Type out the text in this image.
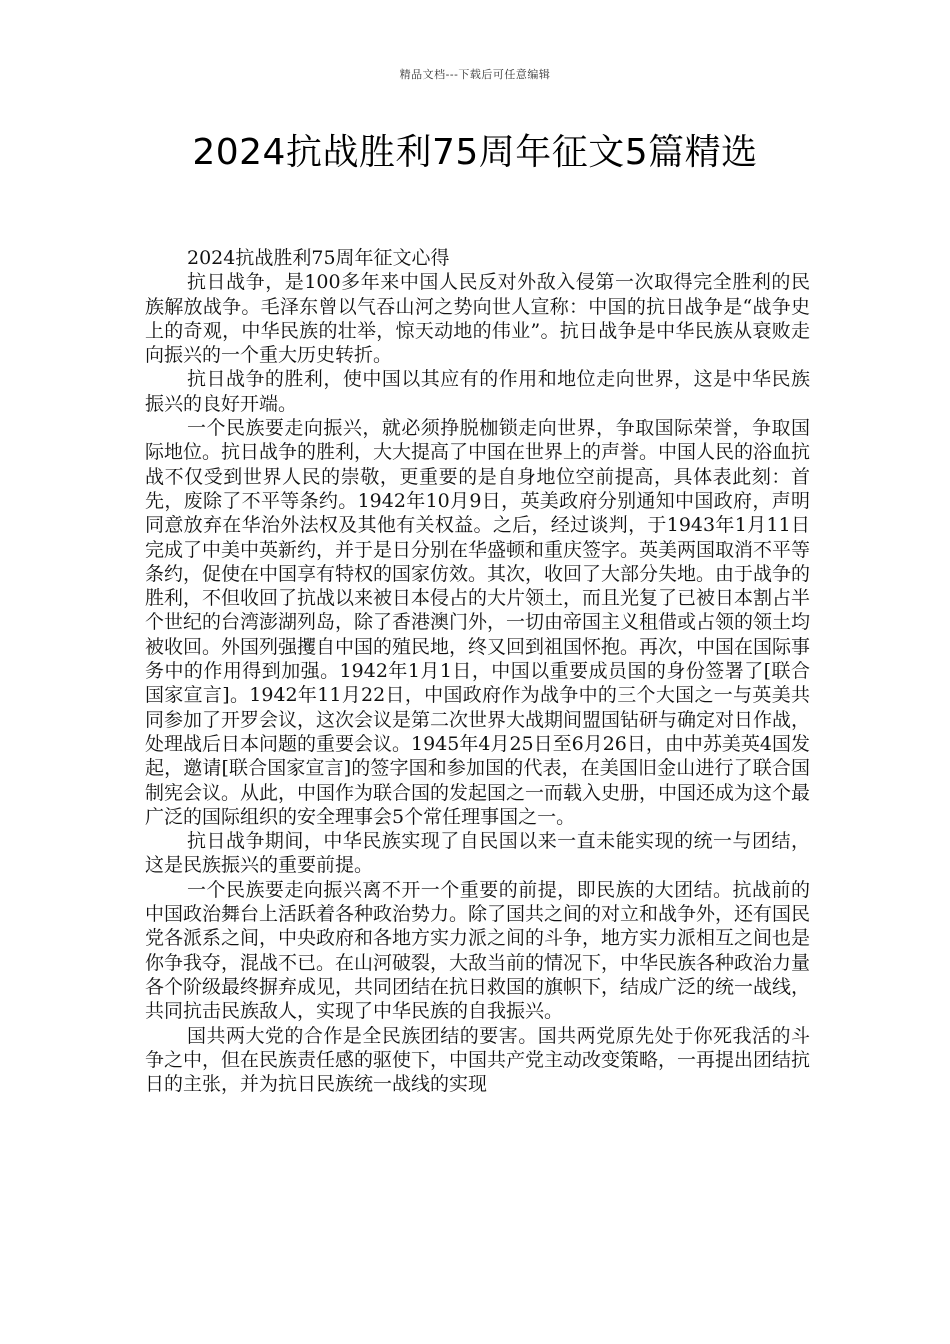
精品文档---下载后可任意编辑
2024抗战胜利75周年征文5篇精选

2024抗战胜利75周年征文心得

抗日战争，是100多年来中国人民反对外敌入侵第一次取得完全胜利的民族解放战争。毛泽东曾以气吞山河之势向世人宣称：中国的抗日战争是“战争史上的奇观，中华民族的壮举，惊天动地的伟业”。抗日战争是中华民族从衰败走向振兴的一个重大历史转折。

抗日战争的胜利，使中国以其应有的作用和地位走向世界，这是中华民族振兴的良好开端。

一个民族要走向振兴，就必须挣脱枷锁走向世界，争取国际荣誉，争取国际地位。抗日战争的胜利，大大提高了中国在世界上的声誉。中国人民的浴血抗战不仅受到世界人民的崇敬，更重要的是自身地位空前提高，具体表此刻：首先，废除了不平等条约。1942年10月9日，英美政府分别通知中国政府，声明同意放弃在华治外法权及其他有关权益。之后，经过谈判，于1943年1月11日完成了中美中英新约，并于是日分别在华盛顿和重庆签字。英美两国取消不平等条约，促使在中国享有特权的国家仿效。其次，收回了大部分失地。由于战争的胜利，不但收回了抗战以来被日本侵占的大片领土，而且光复了已被日本割占半个世纪的台湾澎湖列岛，除了香港澳门外，一切由帝国主义租借或占领的领土均被收回。外国列强攫自中国的殖民地，终又回到祖国怀抱。再次，中国在国际事务中的作用得到加强。1942年1月1日，中国以重要成员国的身份签署了[联合国家宣言]。1942年11月22日，中国政府作为战争中的三个大国之一与英美共同参加了开罗会议，这次会议是第二次世界大战期间盟国钻研与确定对日作战，处理战后日本问题的重要会议。1945年4月25日至6月26日，由中苏美英4国发起，邀请[联合国家宣言]的签字国和参加国的代表，在美国旧金山进行了联合国制宪会议。从此，中国作为联合国的发起国之一而载入史册，中国还成为这个最广泛的国际组织的安全理事会5个常任理事国之一。

抗日战争期间，中华民族实现了自民国以来一直未能实现的统一与团结，这是民族振兴的重要前提。

一个民族要走向振兴离不开一个重要的前提，即民族的大团结。抗战前的中国政治舞台上活跃着各种政治势力。除了国共之间的对立和战争外，还有国民党各派系之间，中央政府和各地方实力派之间的斗争，地方实力派相互之间也是你争我夺，混战不已。在山河破裂，大敌当前的情况下，中华民族各种政治力量各个阶级最终摒弃成见，共同团结在抗日救国的旗帜下，结成广泛的统一战线，共同抗击民族敌人，实现了中华民族的自我振兴。

国共两大党的合作是全民族团结的要害。国共两党原先处于你死我活的斗争之中，但在民族责任感的驱使下，中国共产党主动改变策略，一再提出团结抗日的主张，并为抗日民族统一战线的实现
